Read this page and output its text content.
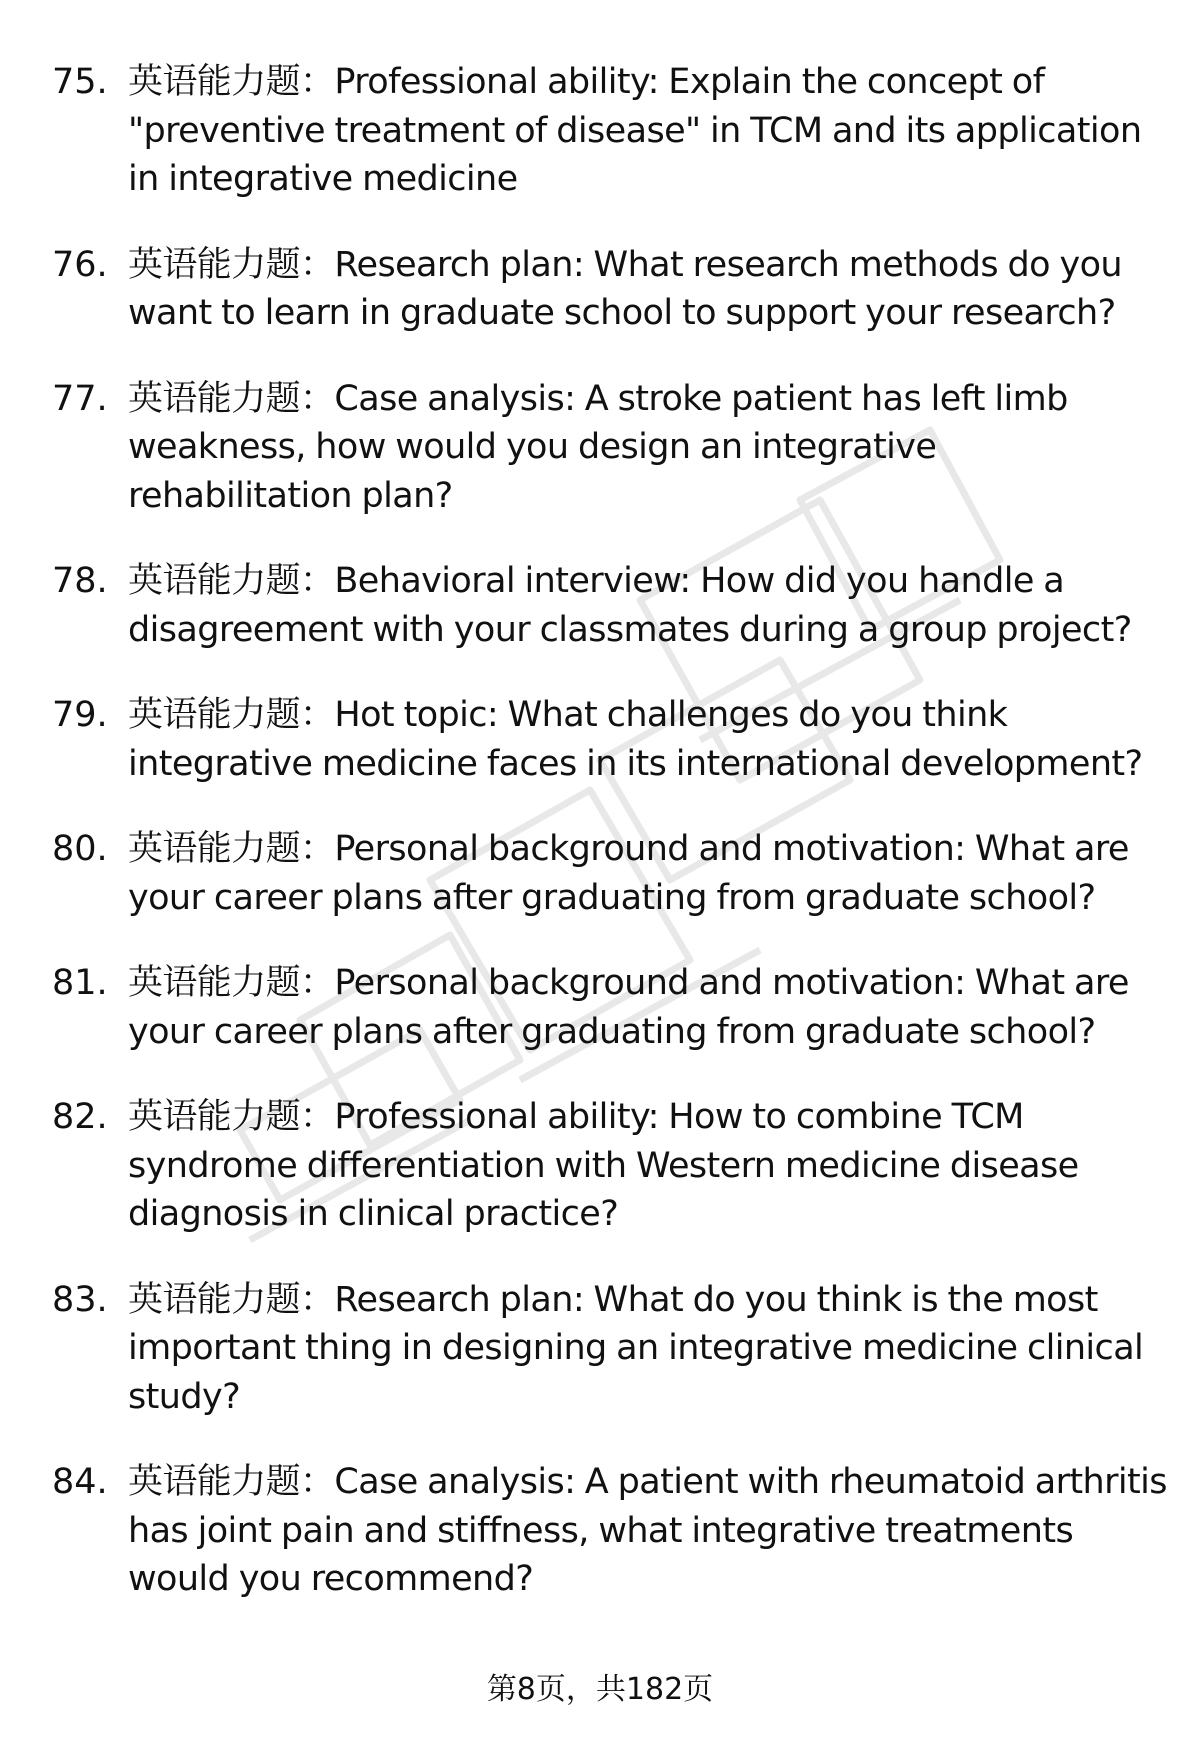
75. 英语能力题：Professional ability: Explain the concept of "preventive treatment of disease" in TCM and its application in integrative medicine
76. 英语能力题：Research plan: What research methods do you want to learn in graduate school to support your research?
77. 英语能力题：Case analysis: A stroke patient has left limb weakness, how would you design an integrative rehabilitation plan?
78. 英语能力题：Behavioral interview: How did you handle a disagreement with your classmates during a group project?
79. 英语能力题：Hot topic: What challenges do you think integrative medicine faces in its international development?
80. 英语能力题：Personal background and motivation: What are your career plans after graduating from graduate school?
81. 英语能力题：Personal background and motivation: What are your career plans after graduating from graduate school?
82. 英语能力题：Professional ability: How to combine TCM syndrome differentiation with Western medicine disease diagnosis in clinical practice?
83. 英语能力题：Research plan: What do you think is the most important thing in designing an integrative medicine clinical study?
84. 英语能力题：Case analysis: A patient with rheumatoid arthritis has joint pain and stiffness, what integrative treatments would you recommend?
第8页，共182页
